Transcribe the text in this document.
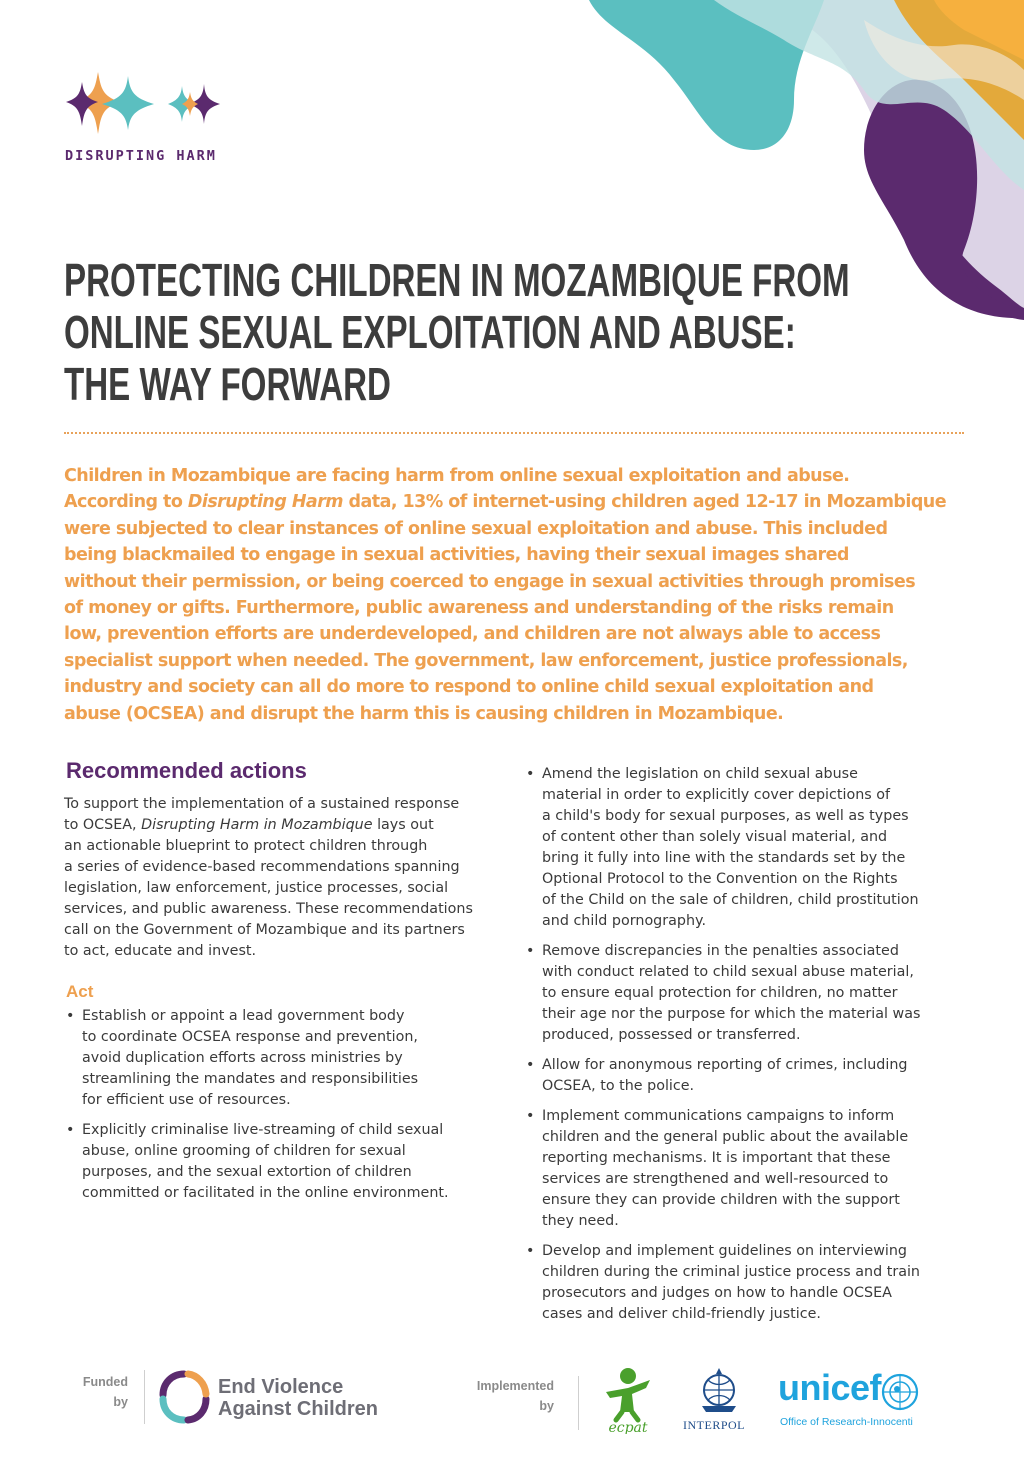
DISRUPTING HARM
PROTECTING CHILDREN IN MOZAMBIQUE FROM
ONLINE SEXUAL EXPLOITATION AND ABUSE:
THE WAY FORWARD

Children in Mozambique are facing harm from online sexual exploitation and abuse.
According to Disrupting Harm data, 13% of internet-using children aged 12-17 in Mozambique
were subjected to clear instances of online sexual exploitation and abuse. This included
being blackmailed to engage in sexual activities, having their sexual images shared
without their permission, or being coerced to engage in sexual activities through promises
of money or gifts. Furthermore, public awareness and understanding of the risks remain
low, prevention efforts are underdeveloped, and children are not always able to access
specialist support when needed. The government, law enforcement, justice professionals,
industry and society can all do more to respond to online child sexual exploitation and
abuse (OCSEA) and disrupt the harm this is causing children in Mozambique.

Recommended actions

To support the implementation of a sustained response
to OCSEA, Disrupting Harm in Mozambique lays out
an actionable blueprint to protect children through
a series of evidence-based recommendations spanning
legislation, law enforcement, justice processes, social
services, and public awareness. These recommendations
call on the Government of Mozambique and its partners
to act, educate and invest.

Act
• Establish or appoint a lead government body
to coordinate OCSEA response and prevention,
avoid duplication efforts across ministries by
streamlining the mandates and responsibilities
for efficient use of resources.
• Explicitly criminalise live-streaming of child sexual
abuse, online grooming of children for sexual
purposes, and the sexual extortion of children
committed or facilitated in the online environment.
• Amend the legislation on child sexual abuse
material in order to explicitly cover depictions of
a child's body for sexual purposes, as well as types
of content other than solely visual material, and
bring it fully into line with the standards set by the
Optional Protocol to the Convention on the Rights
of the Child on the sale of children, child prostitution
and child pornography.
• Remove discrepancies in the penalties associated
with conduct related to child sexual abuse material,
to ensure equal protection for children, no matter
their age nor the purpose for which the material was
produced, possessed or transferred.
• Allow for anonymous reporting of crimes, including
OCSEA, to the police.
• Implement communications campaigns to inform
children and the general public about the available
reporting mechanisms. It is important that these
services are strengthened and well-resourced to
ensure they can provide children with the support
they need.
• Develop and implement guidelines on interviewing
children during the criminal justice process and train
prosecutors and judges on how to handle OCSEA
cases and deliver child-friendly justice.
Funded
by
End Violence
Against Children
Implemented
by
ecpat	INTERPOL
unicef
Office of Research-Innocenti
